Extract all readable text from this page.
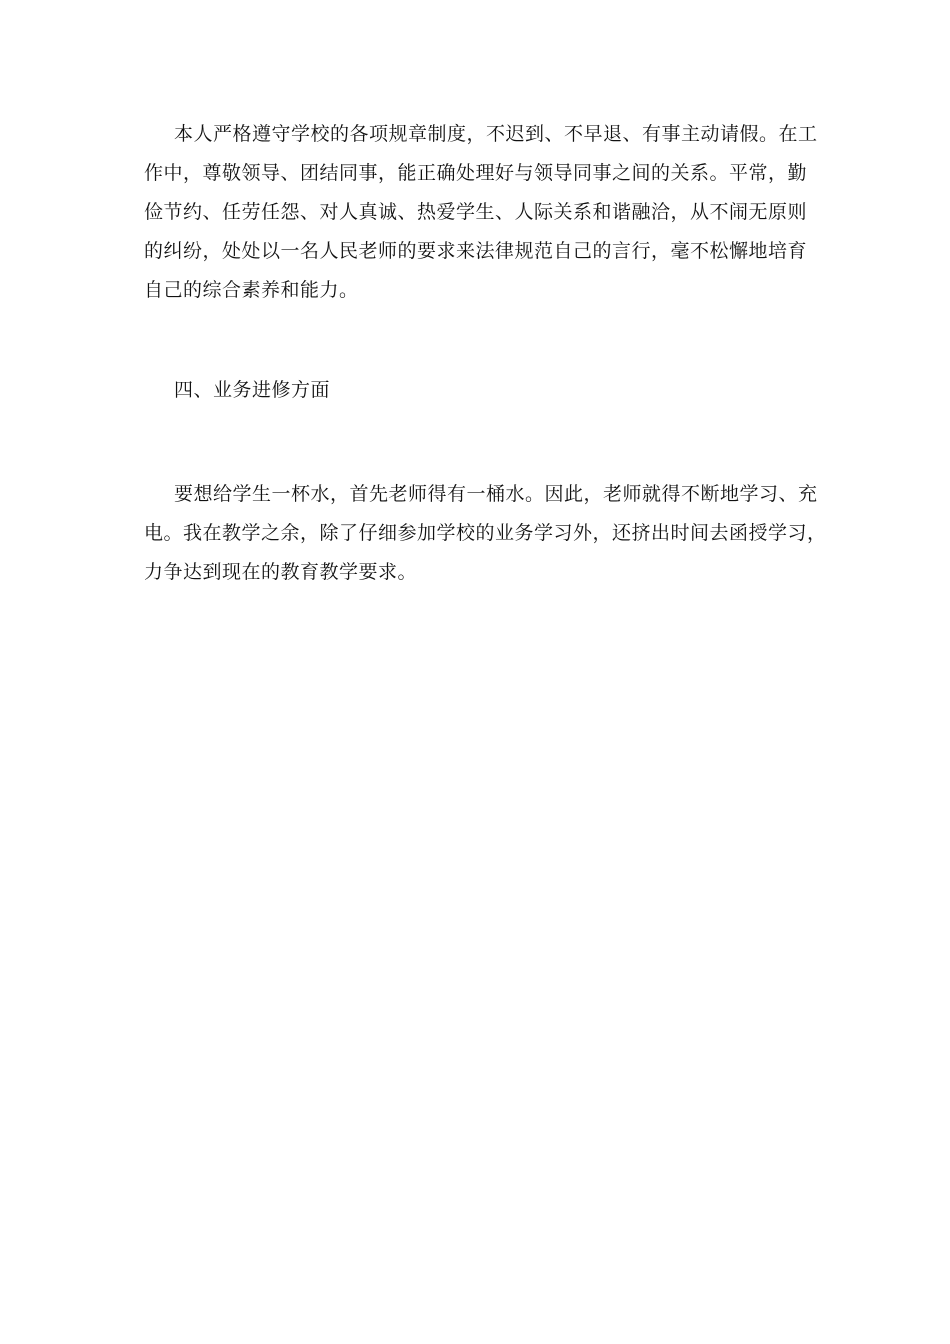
本人严格遵守学校的各项规章制度，不迟到、不早退、有事主动请假。在工
作中，尊敬领导、团结同事，能正确处理好与领导同事之间的关系。平常，勤
俭节约、任劳任怨、对人真诚、热爱学生、人际关系和谐融洽，从不闹无原则
的纠纷，处处以一名人民老师的要求来法律规范自己的言行，毫不松懈地培育
自己的综合素养和能力。
四、业务进修方面
要想给学生一杯水，首先老师得有一桶水。因此，老师就得不断地学习、充
电。我在教学之余，除了仔细参加学校的业务学习外，还挤出时间去函授学习，
力争达到现在的教育教学要求。
